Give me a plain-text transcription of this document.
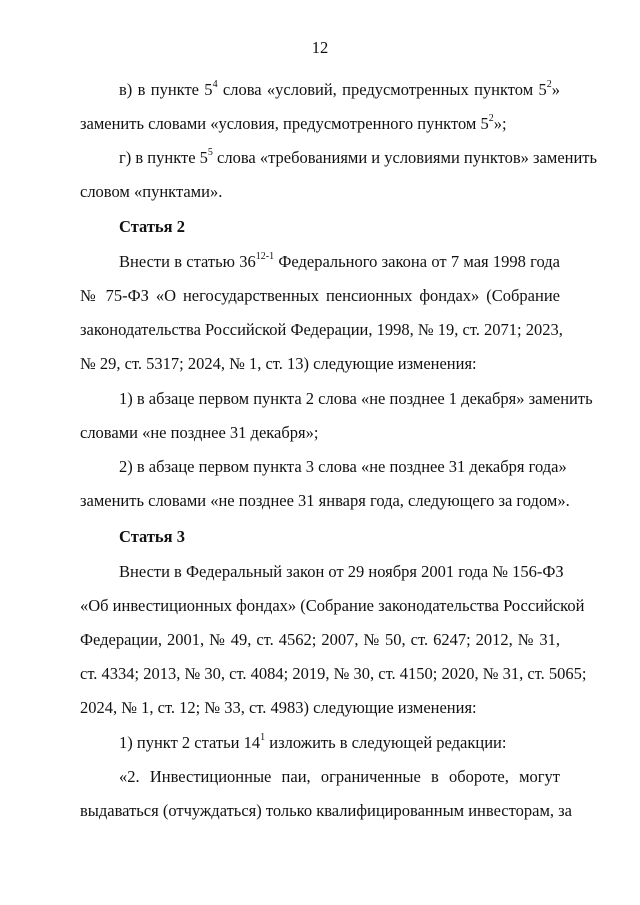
12
в) в пункте $5^4$ слова «условий, предусмотренных пунктом $5^2$»
заменить словами «условия, предусмотренного пунктом $5^2$»;
г) в пункте $5^5$ слова «требованиями и условиями пунктов» заменить
словом «пунктами».
Статья 2
Внести в статью 36$^{12-1}$ Федерального закона от 7 мая 1998 года
№ 75-ФЗ «О негосударственных пенсионных фондах» (Собрание
законодательства Российской Федерации, 1998, № 19, ст. 2071; 2023,
№ 29, ст. 5317; 2024, № 1, ст. 13) следующие изменения:
1) в абзаце первом пункта 2 слова «не позднее 1 декабря» заменить
словами «не позднее 31 декабря»;
2) в абзаце первом пункта 3 слова «не позднее 31 декабря года»
заменить словами «не позднее 31 января года, следующего за годом».
Статья 3
Внести в Федеральный закон от 29 ноября 2001 года № 156-ФЗ
«Об инвестиционных фондах» (Собрание законодательства Российской
Федерации, 2001, № 49, ст. 4562; 2007, № 50, ст. 6247; 2012, № 31,
ст. 4334; 2013, № 30, ст. 4084; 2019, № 30, ст. 4150; 2020, № 31, ст. 5065;
2024, № 1, ст. 12; № 33, ст. 4983) следующие изменения:
1) пункт 2 статьи $14^1$ изложить в следующей редакции:
«2. Инвестиционные паи, ограниченные в обороте, могут
выдаваться (отчуждаться) только квалифицированным инвесторам, за
